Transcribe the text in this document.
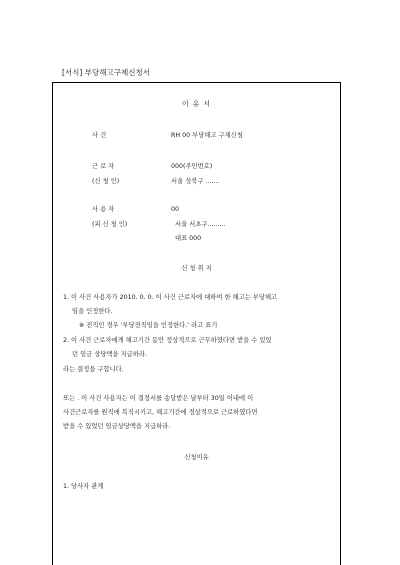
[서식] 부당해고구제신청서
이 유 서
사 건	RH 00 부당해고 구제신청
근 로 자	000(주민번호)
(신 청 인)	서울 성북구 .......
사 용 자	00
(피 신 청 인)	서울 서초구.........
대표 000
신 청 취 지
1. 이 사건 사용자가 2010. 0. 0. 이 사건 근로자에 대하여 한 해고는 부당해고
임을 인정한다.
※ 전직인 경우 '부당전직임을 인정한다.' 라고 표기
2. 이 사건 근로자에게 해고기간 동안 정상적으로 근무하였다면 받을 수 있었
던 임금 상당액을 지급하라.
라는 결정을 구합니다.
또는 . 이 사건 사용자는 이 결정서를 송달받은 날부터 30일 이내에 이
사건근로자를 원직에 복직시키고, 해고기간에 정상적으로 근로하였다면
받을 수 있었던 임금상당액을 지급하라.
신청이유
1. 당사자 관계
